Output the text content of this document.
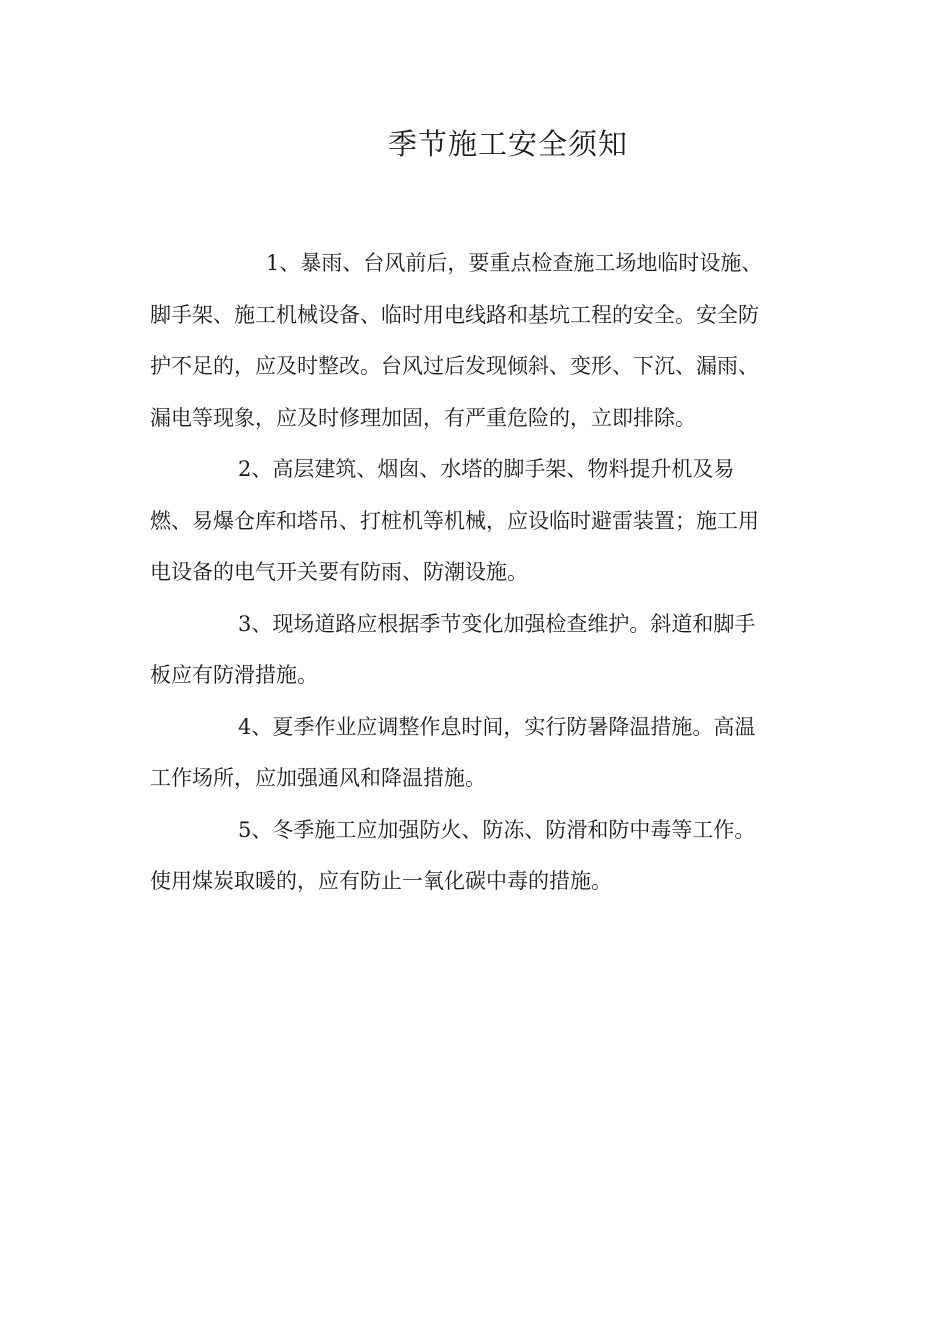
季节施工安全须知

1、暴雨、台风前后，要重点检查施工场地临时设施、
脚手架、施工机械设备、临时用电线路和基坑工程的安全。安全防
护不足的，应及时整改。台风过后发现倾斜、变形、下沉、漏雨、
漏电等现象，应及时修理加固，有严重危险的，立即排除。

2、高层建筑、烟囱、水塔的脚手架、物料提升机及易
燃、易爆仓库和塔吊、打桩机等机械，应设临时避雷装置；施工用
电设备的电气开关要有防雨、防潮设施。

3、现场道路应根据季节变化加强检查维护。斜道和脚手
板应有防滑措施。

4、夏季作业应调整作息时间，实行防暑降温措施。高温
工作场所，应加强通风和降温措施。

5、冬季施工应加强防火、防冻、防滑和防中毒等工作。
使用煤炭取暖的，应有防止一氧化碳中毒的措施。
